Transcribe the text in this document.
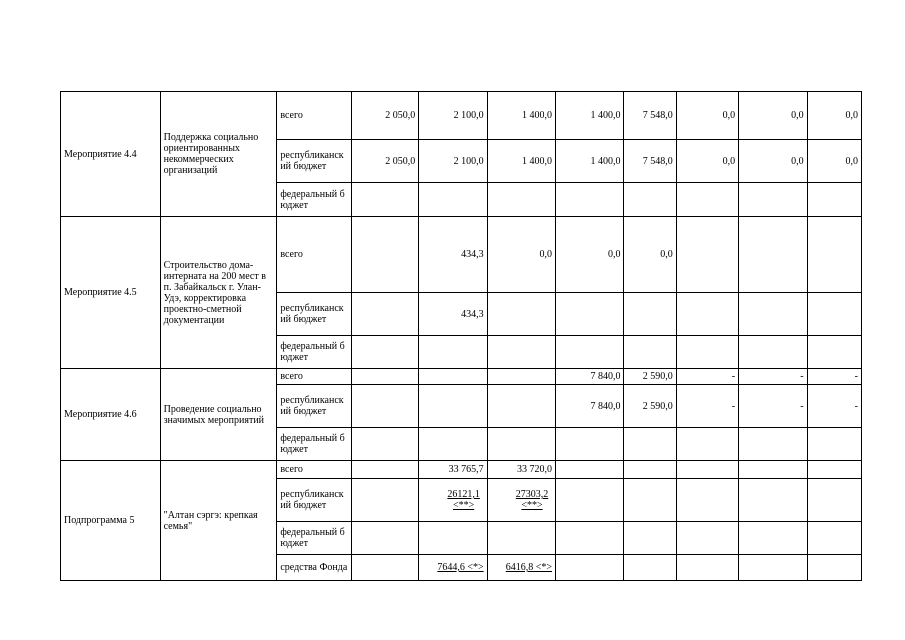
Мероприятие 4.4	Поддержка социально ориентированных некоммерческих организаций	всего	2 050,0	2 100,0	1 400,0	1 400,0	7 548,0	0,0	0,0	0,0
		республиканский бюджет	2 050,0	2 100,0	1 400,0	1 400,0	7 548,0	0,0	0,0	0,0
		федеральный бюджет								
Мероприятие 4.5	Строительство дома-интерната на 200 мест в п. Забайкальск г. Улан-Удэ, корректировка проектно-сметной документации	всего		434,3	0,0	0,0	0,0			
		республиканский бюджет		434,3						
		федеральный бюджет								
Мероприятие 4.6	Проведение социально значимых мероприятий	всего				7 840,0	2 590,0	-	-	-
		республиканский бюджет				7 840,0	2 590,0	-	-	-
		федеральный бюджет								
Подпрограмма 5	"Алтан сэргэ: крепкая семья"	всего		33 765,7	33 720,0					
		республиканский бюджет		26121,1 <**>	27303,2 <**>					
		федеральный бюджет								
		средства Фонда		7644,6 <*>	6416,8 <*>					
